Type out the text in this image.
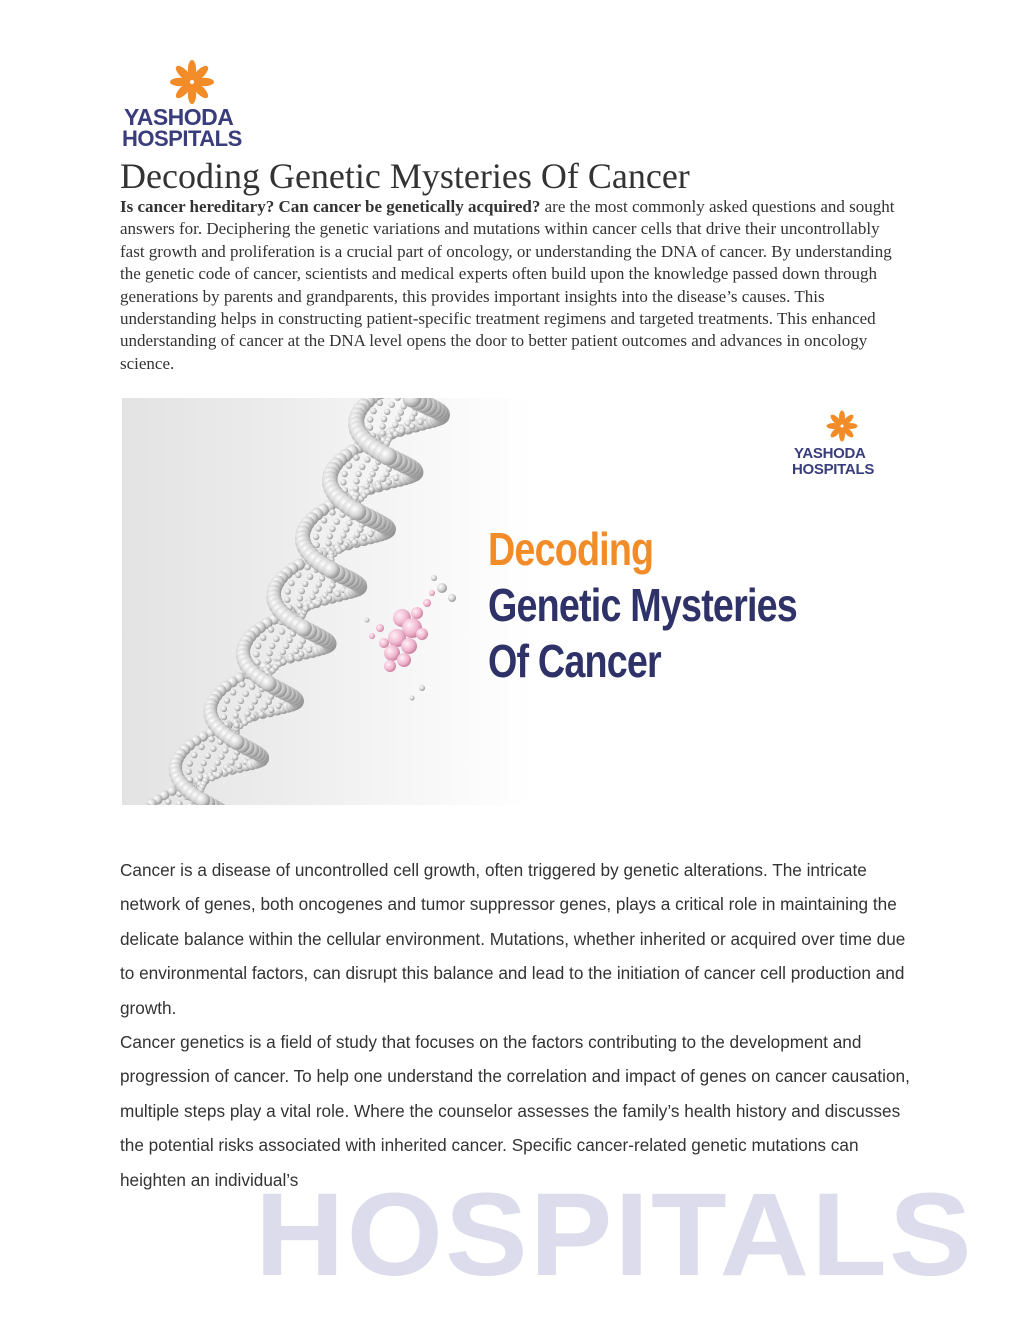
YASHODA
HOSPITALS
Decoding Genetic Mysteries Of Cancer

Is cancer hereditary? Can cancer be genetically acquired? are the most commonly asked questions and sought answers for. Deciphering the genetic variations and mutations within cancer cells that drive their uncontrollably fast growth and proliferation is a crucial part of oncology, or understanding the DNA of cancer. By understanding the genetic code of cancer, scientists and medical experts often build upon the knowledge passed down through generations by parents and grandparents, this provides important insights into the disease’s causes. This understanding helps in constructing patient-specific treatment regimens and targeted treatments. This enhanced understanding of cancer at the DNA level opens the door to better patient outcomes and advances in oncology science.

YASHODA
HOSPITALS
Decoding
Genetic Mysteries
Of Cancer

Cancer is a disease of uncontrolled cell growth, often triggered by genetic alterations. The intricate network of genes, both oncogenes and tumor suppressor genes, plays a critical role in maintaining the delicate balance within the cellular environment. Mutations, whether inherited or acquired over time due to environmental factors, can disrupt this balance and lead to the initiation of cancer cell production and growth.

Cancer genetics is a field of study that focuses on the factors contributing to the development and progression of cancer. To help one understand the correlation and impact of genes on cancer causation, multiple steps play a vital role. Where the counselor assesses the family’s health history and discusses the potential risks associated with inherited cancer. Specific cancer-related genetic mutations can heighten an individual’s

HOSPITALS
